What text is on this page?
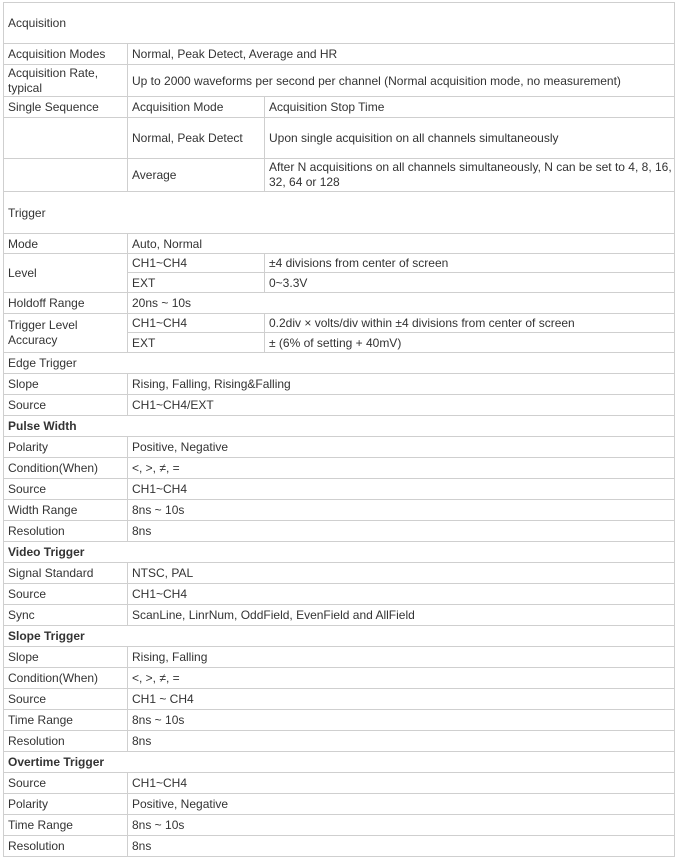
Acquisition		
Acquisition Modes	Normal, Peak Detect, Average and HR	
Acquisition Rate, typical	Up to 2000 waveforms per second per channel (Normal acquisition mode, no measurement)	
Single Sequence	Acquisition Mode	Acquisition Stop Time
	Normal, Peak Detect	Upon single acquisition on all channels simultaneously
	Average	After N acquisitions on all channels simultaneously, N can be set to 4, 8, 16, 32, 64 or 128
Trigger		
Mode	Auto, Normal	
Level	CH1~CH4	±4 divisions from center of screen
	EXT	0~3.3V
Holdoff Range	20ns ~ 10s	
Trigger Level Accuracy	CH1~CH4	0.2div × volts/div within ±4 divisions from center of screen
	EXT	± (6% of setting + 40mV)
Edge Trigger		
Slope	Rising, Falling, Rising&Falling	
Source	CH1~CH4/EXT	
Pulse Width		
Polarity	Positive, Negative	
Condition(When)	<, >, ≠, =	
Source	CH1~CH4	
Width Range	8ns ~ 10s	
Resolution	8ns	
Video Trigger		
Signal Standard	NTSC, PAL	
Source	CH1~CH4	
Sync	ScanLine, LinrNum, OddField, EvenField and AllField	
Slope Trigger		
Slope	Rising, Falling	
Condition(When)	<, >, ≠, =	
Source	CH1 ~ CH4	
Time Range	8ns ~ 10s	
Resolution	8ns	
Overtime Trigger		
Source	CH1~CH4	
Polarity	Positive, Negative	
Time Range	8ns ~ 10s	
Resolution	8ns	
